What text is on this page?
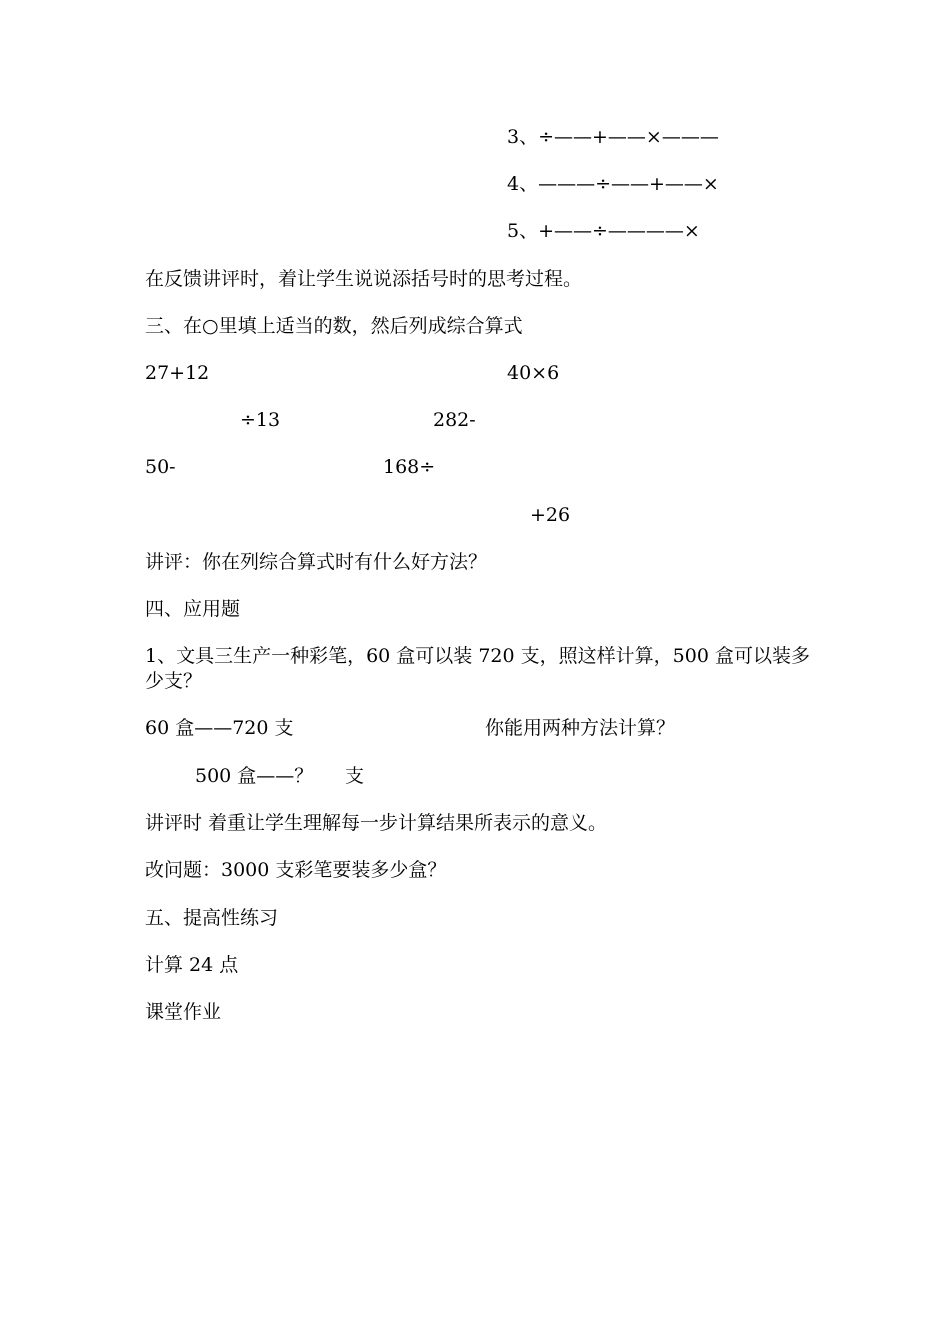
3、÷——+——×———
4、———÷——+——×
5、+——÷————×
在反馈讲评时，着让学生说说添括号时的思考过程。
三、在○里填上适当的数，然后列成综合算式
27+12	40×6
÷13	282-
50-	168÷
+26
讲评：你在列综合算式时有什么好方法？
四、应用题
1、文具三生产一种彩笔，60 盒可以装 720 支，照这样计算，500 盒可以装多
少支？
60 盒——720 支	你能用两种方法计算？
500 盒——？ 支
讲评时 着重让学生理解每一步计算结果所表示的意义。
改问题：3000 支彩笔要装多少盒？
五、提高性练习
计算 24 点
课堂作业
